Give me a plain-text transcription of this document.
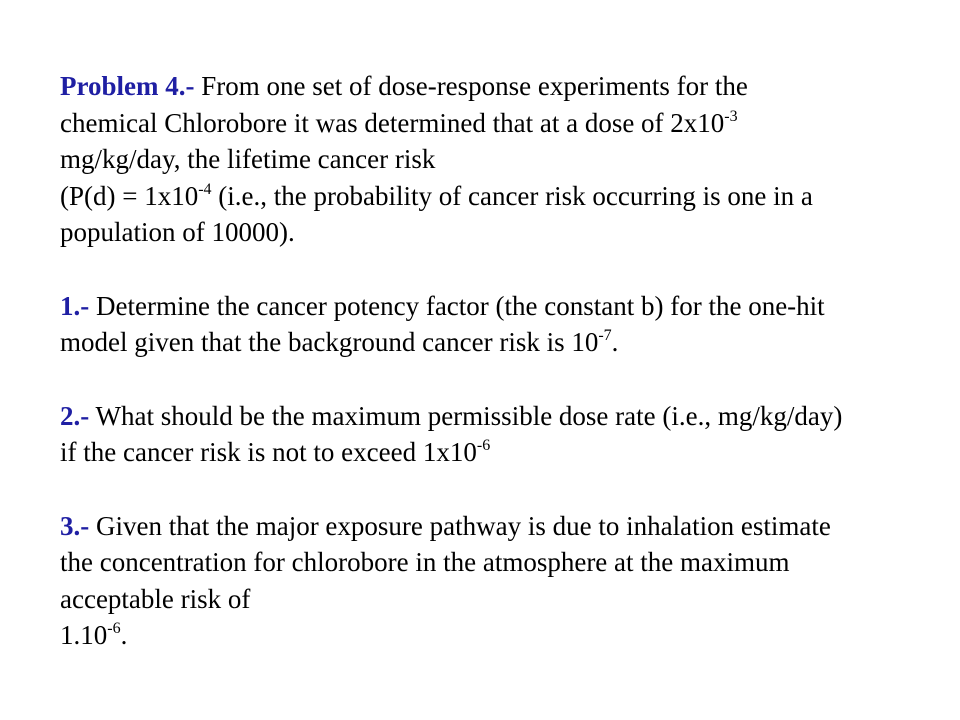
Problem 4.- From one set of dose-response experiments for the chemical Chlorobore it was determined that at a dose of $2x10^{-3}$ mg/kg/day, the lifetime cancer risk
($P(d) = 1x10^{-4}$ (i.e., the probability of cancer risk occurring is one in a population of 10000).

1.- Determine the cancer potency factor (the constant b) for the one-hit model given that the background cancer risk is $10^{-7}$.

2.- What should be the maximum permissible dose rate (i.e., mg/kg/day) if the cancer risk is not to exceed $1x10^{-6}$

3.- Given that the major exposure pathway is due to inhalation estimate the concentration for chlorobore in the atmosphere at the maximum acceptable risk of
$1.10^{-6}$.
